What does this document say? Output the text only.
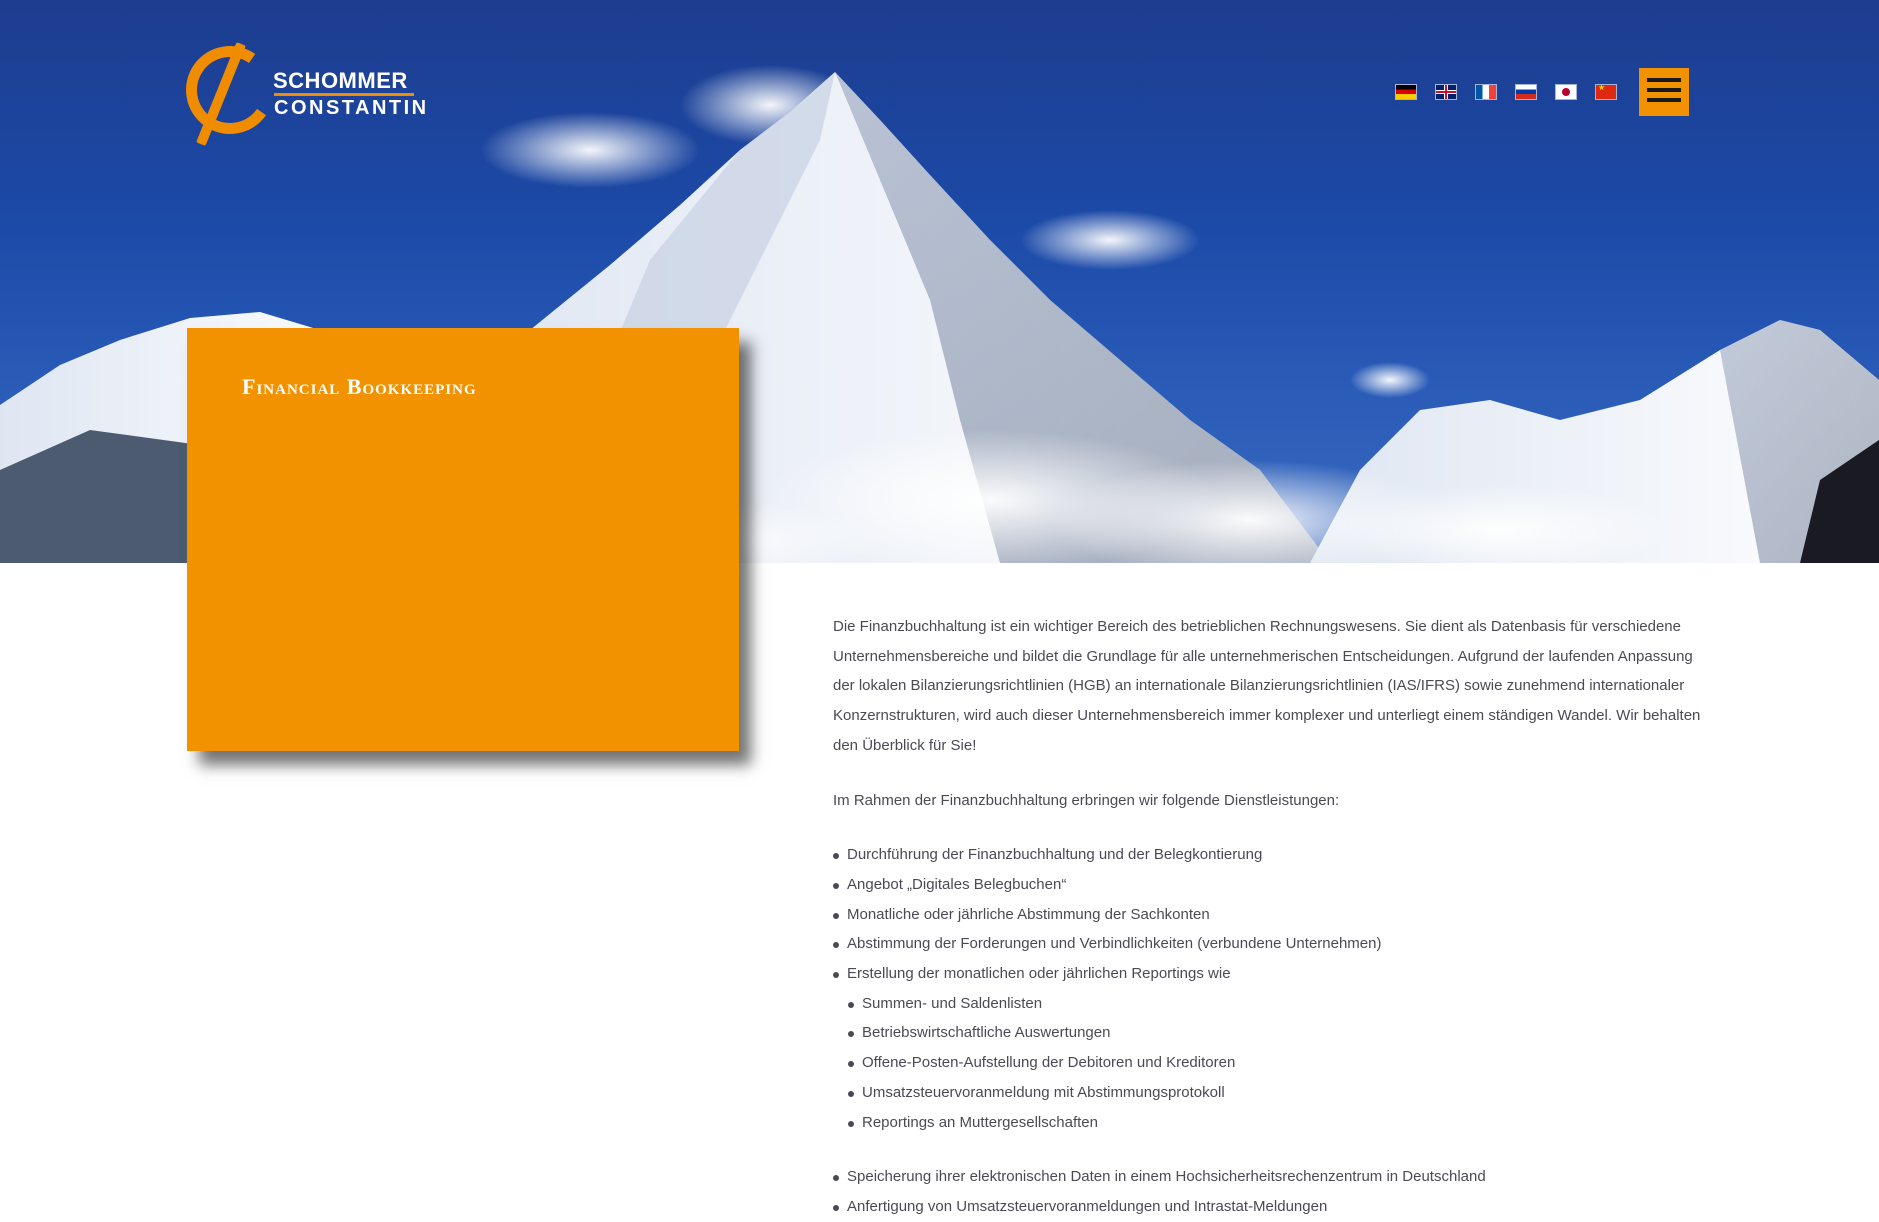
SCHOMMER
CONSTANTIN
★
Financial Bookkeeping

Die Finanzbuchhaltung ist ein wichtiger Bereich des betrieblichen Rechnungswesens. Sie dient als Datenbasis für verschiedene Unternehmensbereiche und bildet die Grundlage für alle unternehmerischen Entscheidungen. Aufgrund der laufenden Anpassung der lokalen Bilanzierungsrichtlinien (HGB) an internationale Bilanzierungsrichtlinien (IAS/IFRS) sowie zunehmend internationaler Konzernstrukturen, wird auch dieser Unternehmensbereich immer komplexer und unterliegt einem ständigen Wandel. Wir behalten den Überblick für Sie!

Im Rahmen der Finanzbuchhaltung erbringen wir folgende Dienstleistungen:

Durchführung der Finanzbuchhaltung und der Belegkontierung
Angebot „Digitales Belegbuchen“
Monatliche oder jährliche Abstimmung der Sachkonten
Abstimmung der Forderungen und Verbindlichkeiten (verbundene Unternehmen)
Erstellung der monatlichen oder jährlichen Reportings wie
Summen- und Saldenlisten
Betriebswirtschaftliche Auswertungen
Offene-Posten-Aufstellung der Debitoren und Kreditoren
Umsatzsteuervoranmeldung mit Abstimmungsprotokoll
Reportings an Muttergesellschaften
Speicherung ihrer elektronischen Daten in einem Hochsicherheitsrechenzentrum in Deutschland
Anfertigung von Umsatzsteuervoranmeldungen und Intrastat-Meldungen
